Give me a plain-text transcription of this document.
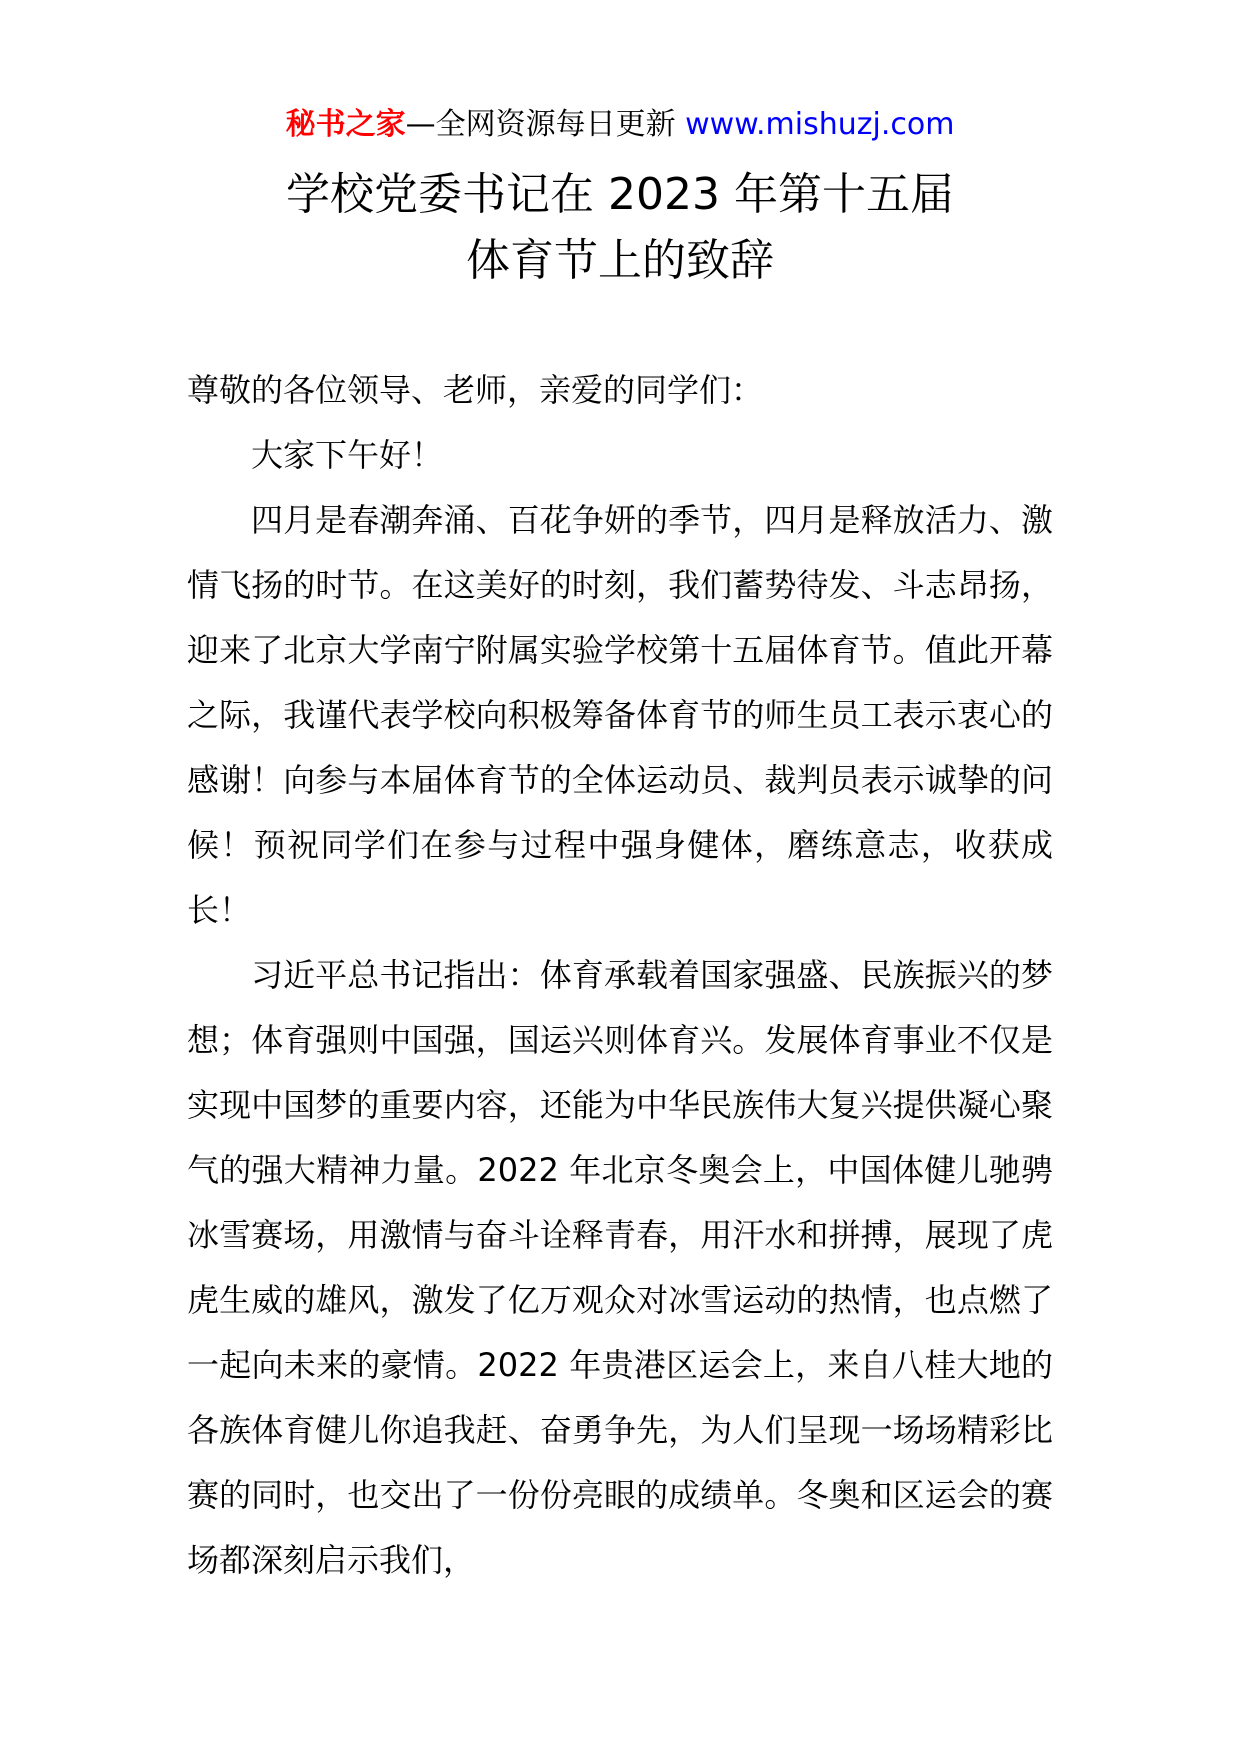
秘书之家—全网资源每日更新 www.mishuzj.com
学校党委书记在 2023 年第十五届
体育节上的致辞

尊敬的各位领导、老师，亲爱的同学们：

大家下午好！

四月是春潮奔涌、百花争妍的季节，四月是释放活力、激情飞扬的时节。在这美好的时刻，我们蓄势待发、斗志昂扬，迎来了北京大学南宁附属实验学校第十五届体育节。值此开幕之际，我谨代表学校向积极筹备体育节的师生员工表示衷心的感谢！向参与本届体育节的全体运动员、裁判员表示诚挚的问候！预祝同学们在参与过程中强身健体，磨练意志，收获成长！

习近平总书记指出：体育承载着国家强盛、民族振兴的梦想；体育强则中国强，国运兴则体育兴。发展体育事业不仅是实现中国梦的重要内容，还能为中华民族伟大复兴提供凝心聚气的强大精神力量。2022 年北京冬奥会上，中国体健儿驰骋冰雪赛场，用激情与奋斗诠释青春，用汗水和拼搏，展现了虎虎生威的雄风，激发了亿万观众对冰雪运动的热情，也点燃了一起向未来的豪情。2022 年贵港区运会上，来自八桂大地的各族体育健儿你追我赶、奋勇争先，为人们呈现一场场精彩比赛的同时，也交出了一份份亮眼的成绩单。冬奥和区运会的赛场都深刻启示我们，
